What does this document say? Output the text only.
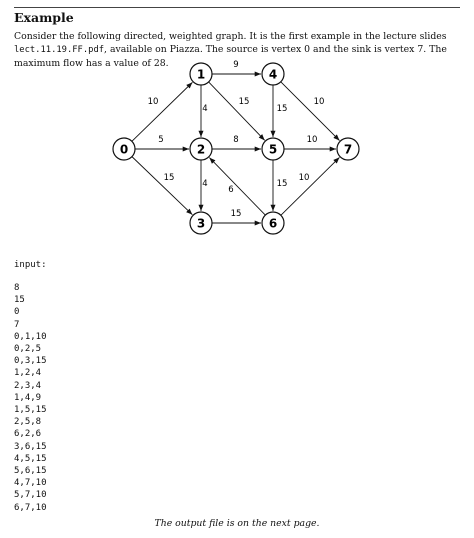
Example
Consider the following directed, weighted graph. It is the first example in the lecture slides lect.11.19.FF.pdf, available on Piazza. The source is vertex 0 and the sink is vertex 7. The maximum flow has a value of 28.
10
5
15
4
4
9
15
8
6
15
15
15
10
10
10
0
1
2
3
4
5
6
7
input:
8
15
0
7
0,1,10
0,2,5
0,3,15
1,2,4
2,3,4
1,4,9
1,5,15
2,5,8
6,2,6
3,6,15
4,5,15
5,6,15
4,7,10
5,7,10
6,7,10
The output file is on the next page.
